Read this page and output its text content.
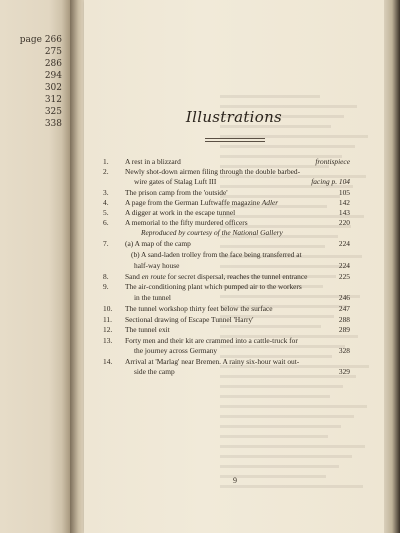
page 266
275
286
294
302
312
325
338	Illustrations
1. A rest in a blizzard	frontispiece
2. Newly shot-down airmen filing through the double barbed-
wire gates of Stalag Luft III	facing p. 104
3. The prison camp from the 'outside'	105
4. A page from the German Luftwaffe magazine Adler	142
5. A digger at work in the escape tunnel	143
6. A memorial to the fifty murdered officers	220
Reproduced by courtesy of the National Gallery
7. (a) A map of the camp	224
(b) A sand-laden trolley from the face being transferred at
half-way house	224
8. Sand en route for secret dispersal, reaches the tunnel entrance	225
9. The air-conditioning plant which pumped air to the workers
in the tunnel	246
10. The tunnel workshop thirty feet below the surface	247
11. Sectional drawing of Escape Tunnel 'Harry'	288
12. The tunnel exit	289
13. Forty men and their kit are crammed into a cattle-truck for
the journey across Germany	328
14. Arrival at 'Marlag' near Bremen. A rainy six-hour wait out-
side the camp	329
9
